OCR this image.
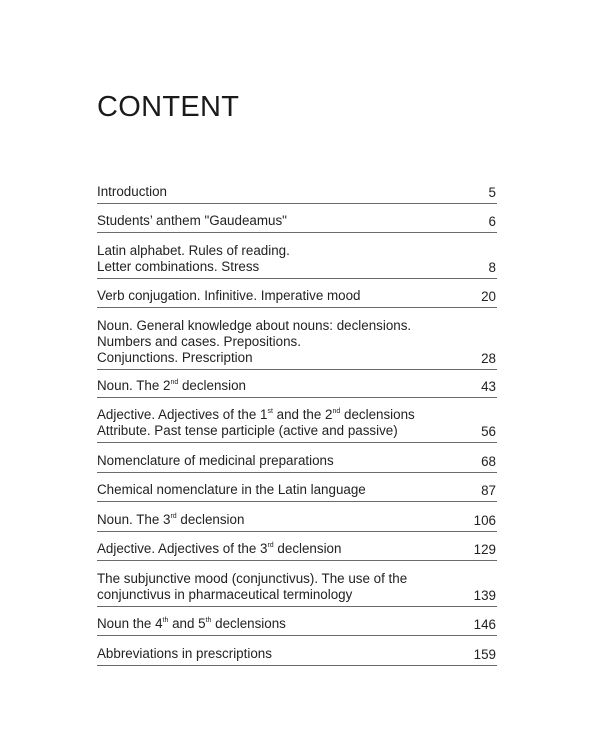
CONTENT
Introduction	5
Students’ anthem "Gaudeamus"	6
Latin alphabet. Rules of reading.
Letter combinations. Stress	8
Verb conjugation. Infinitive. Imperative mood	20
Noun. General knowledge about nouns: declensions.
Numbers and cases. Prepositions.
Conjunctions. Prescription	28
Noun. The 2nd declension	43
Adjective. Adjectives of the 1st and the 2nd declensions
Attribute. Past tense participle (active and passive)	56
Nomenclature of medicinal preparations	68
Chemical nomenclature in the Latin language	87
Noun. The 3rd declension	106
Adjective. Adjectives of the 3rd declension	129
The subjunctive mood (conjunctivus). The use of the
conjunctivus in pharmaceutical terminology	139
Noun the 4th and 5th declensions	146
Abbreviations in prescriptions	159
